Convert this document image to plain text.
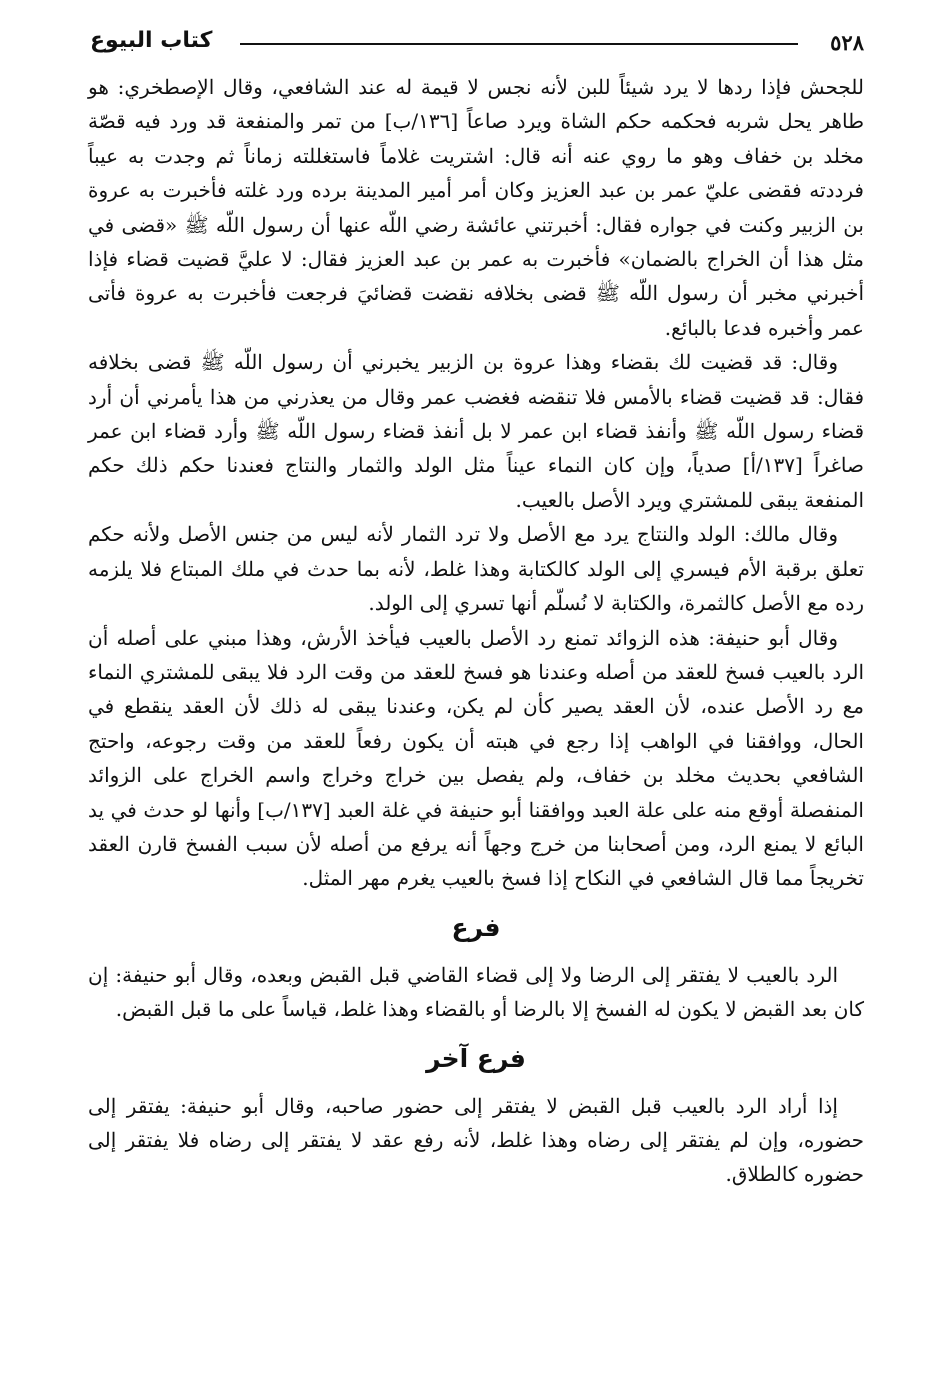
٥٢٨
كتاب البيوع

للجحش فإذا ردها لا يرد شيئاً للبن لأنه نجس لا قيمة له عند الشافعي، وقال الإصطخري: هو طاهر يحل شربه فحكمه حكم الشاة ويرد صاعاً [١٣٦/ب] من تمر والمنفعة قد ورد فيه قصّة مخلد بن خفاف وهو ما روي عنه أنه قال: اشتريت غلاماً فاستغللته زماناً ثم وجدت به عيباً فرددته فقضى عليّ عمر بن عبد العزيز وكان أمر أمير المدينة برده ورد غلته فأخبرت به عروة بن الزبير وكنت في جواره فقال: أخبرتني عائشة رضي اللّه عنها أن رسول اللّه ﷺ «قضى في مثل هذا أن الخراج بالضمان» فأخبرت به عمر بن عبد العزيز فقال: لا عليَّ قضيت قضاء فإذا أخبرني مخبر أن رسول اللّه ﷺ قضى بخلافه نقضت قضائيَ فرجعت فأخبرت به عروة فأتى عمر وأخبره فدعا بالبائع.

وقال: قد قضيت لك بقضاء وهذا عروة بن الزبير يخبرني أن رسول اللّه ﷺ قضى بخلافه فقال: قد قضيت قضاء بالأمس فلا تنقضه فغضب عمر وقال من يعذرني من هذا يأمرني أن أرد قضاء رسول اللّه ﷺ وأنفذ قضاء ابن عمر لا بل أنفذ قضاء رسول اللّه ﷺ وأرد قضاء ابن عمر صاغراً [١٣٧/أ] صدياً، وإن كان النماء عيناً مثل الولد والثمار والنتاج فعندنا حكم ذلك حكم المنفعة يبقى للمشتري ويرد الأصل بالعيب.

وقال مالك: الولد والنتاج يرد مع الأصل ولا ترد الثمار لأنه ليس من جنس الأصل ولأنه حكم تعلق برقبة الأم فيسري إلى الولد كالكتابة وهذا غلط، لأنه بما حدث في ملك المبتاع فلا يلزمه رده مع الأصل كالثمرة، والكتابة لا نُسلّم أنها تسري إلى الولد.

وقال أبو حنيفة: هذه الزوائد تمنع رد الأصل بالعيب فيأخذ الأرش، وهذا مبني على أصله أن الرد بالعيب فسخ للعقد من أصله وعندنا هو فسخ للعقد من وقت الرد فلا يبقى للمشتري النماء مع رد الأصل عنده، لأن العقد يصير كأن لم يكن، وعندنا يبقى له ذلك لأن العقد ينقطع في الحال، ووافقنا في الواهب إذا رجع في هبته أن يكون رفعاً للعقد من وقت رجوعه، واحتج الشافعي بحديث مخلد بن خفاف، ولم يفصل بين خراج وخراج واسم الخراج على الزوائد المنفصلة أوقع منه على علة العبد ووافقنا أبو حنيفة في غلة العبد [١٣٧/ب] وأنها لو حدث في يد البائع لا يمنع الرد، ومن أصحابنا من خرج وجهاً أنه يرفع من أصله لأن سبب الفسخ قارن العقد تخريجاً مما قال الشافعي في النكاح إذا فسخ بالعيب يغرم مهر المثل.

فرع

الرد بالعيب لا يفتقر إلى الرضا ولا إلى قضاء القاضي قبل القبض وبعده، وقال أبو حنيفة: إن كان بعد القبض لا يكون له الفسخ إلا بالرضا أو بالقضاء وهذا غلط، قياساً على ما قبل القبض.

فرع آخر

إذا أراد الرد بالعيب قبل القبض لا يفتقر إلى حضور صاحبه، وقال أبو حنيفة: يفتقر إلى حضوره، وإن لم يفتقر إلى رضاه وهذا غلط، لأنه رفع عقد لا يفتقر إلى رضاه فلا يفتقر إلى حضوره كالطلاق.
